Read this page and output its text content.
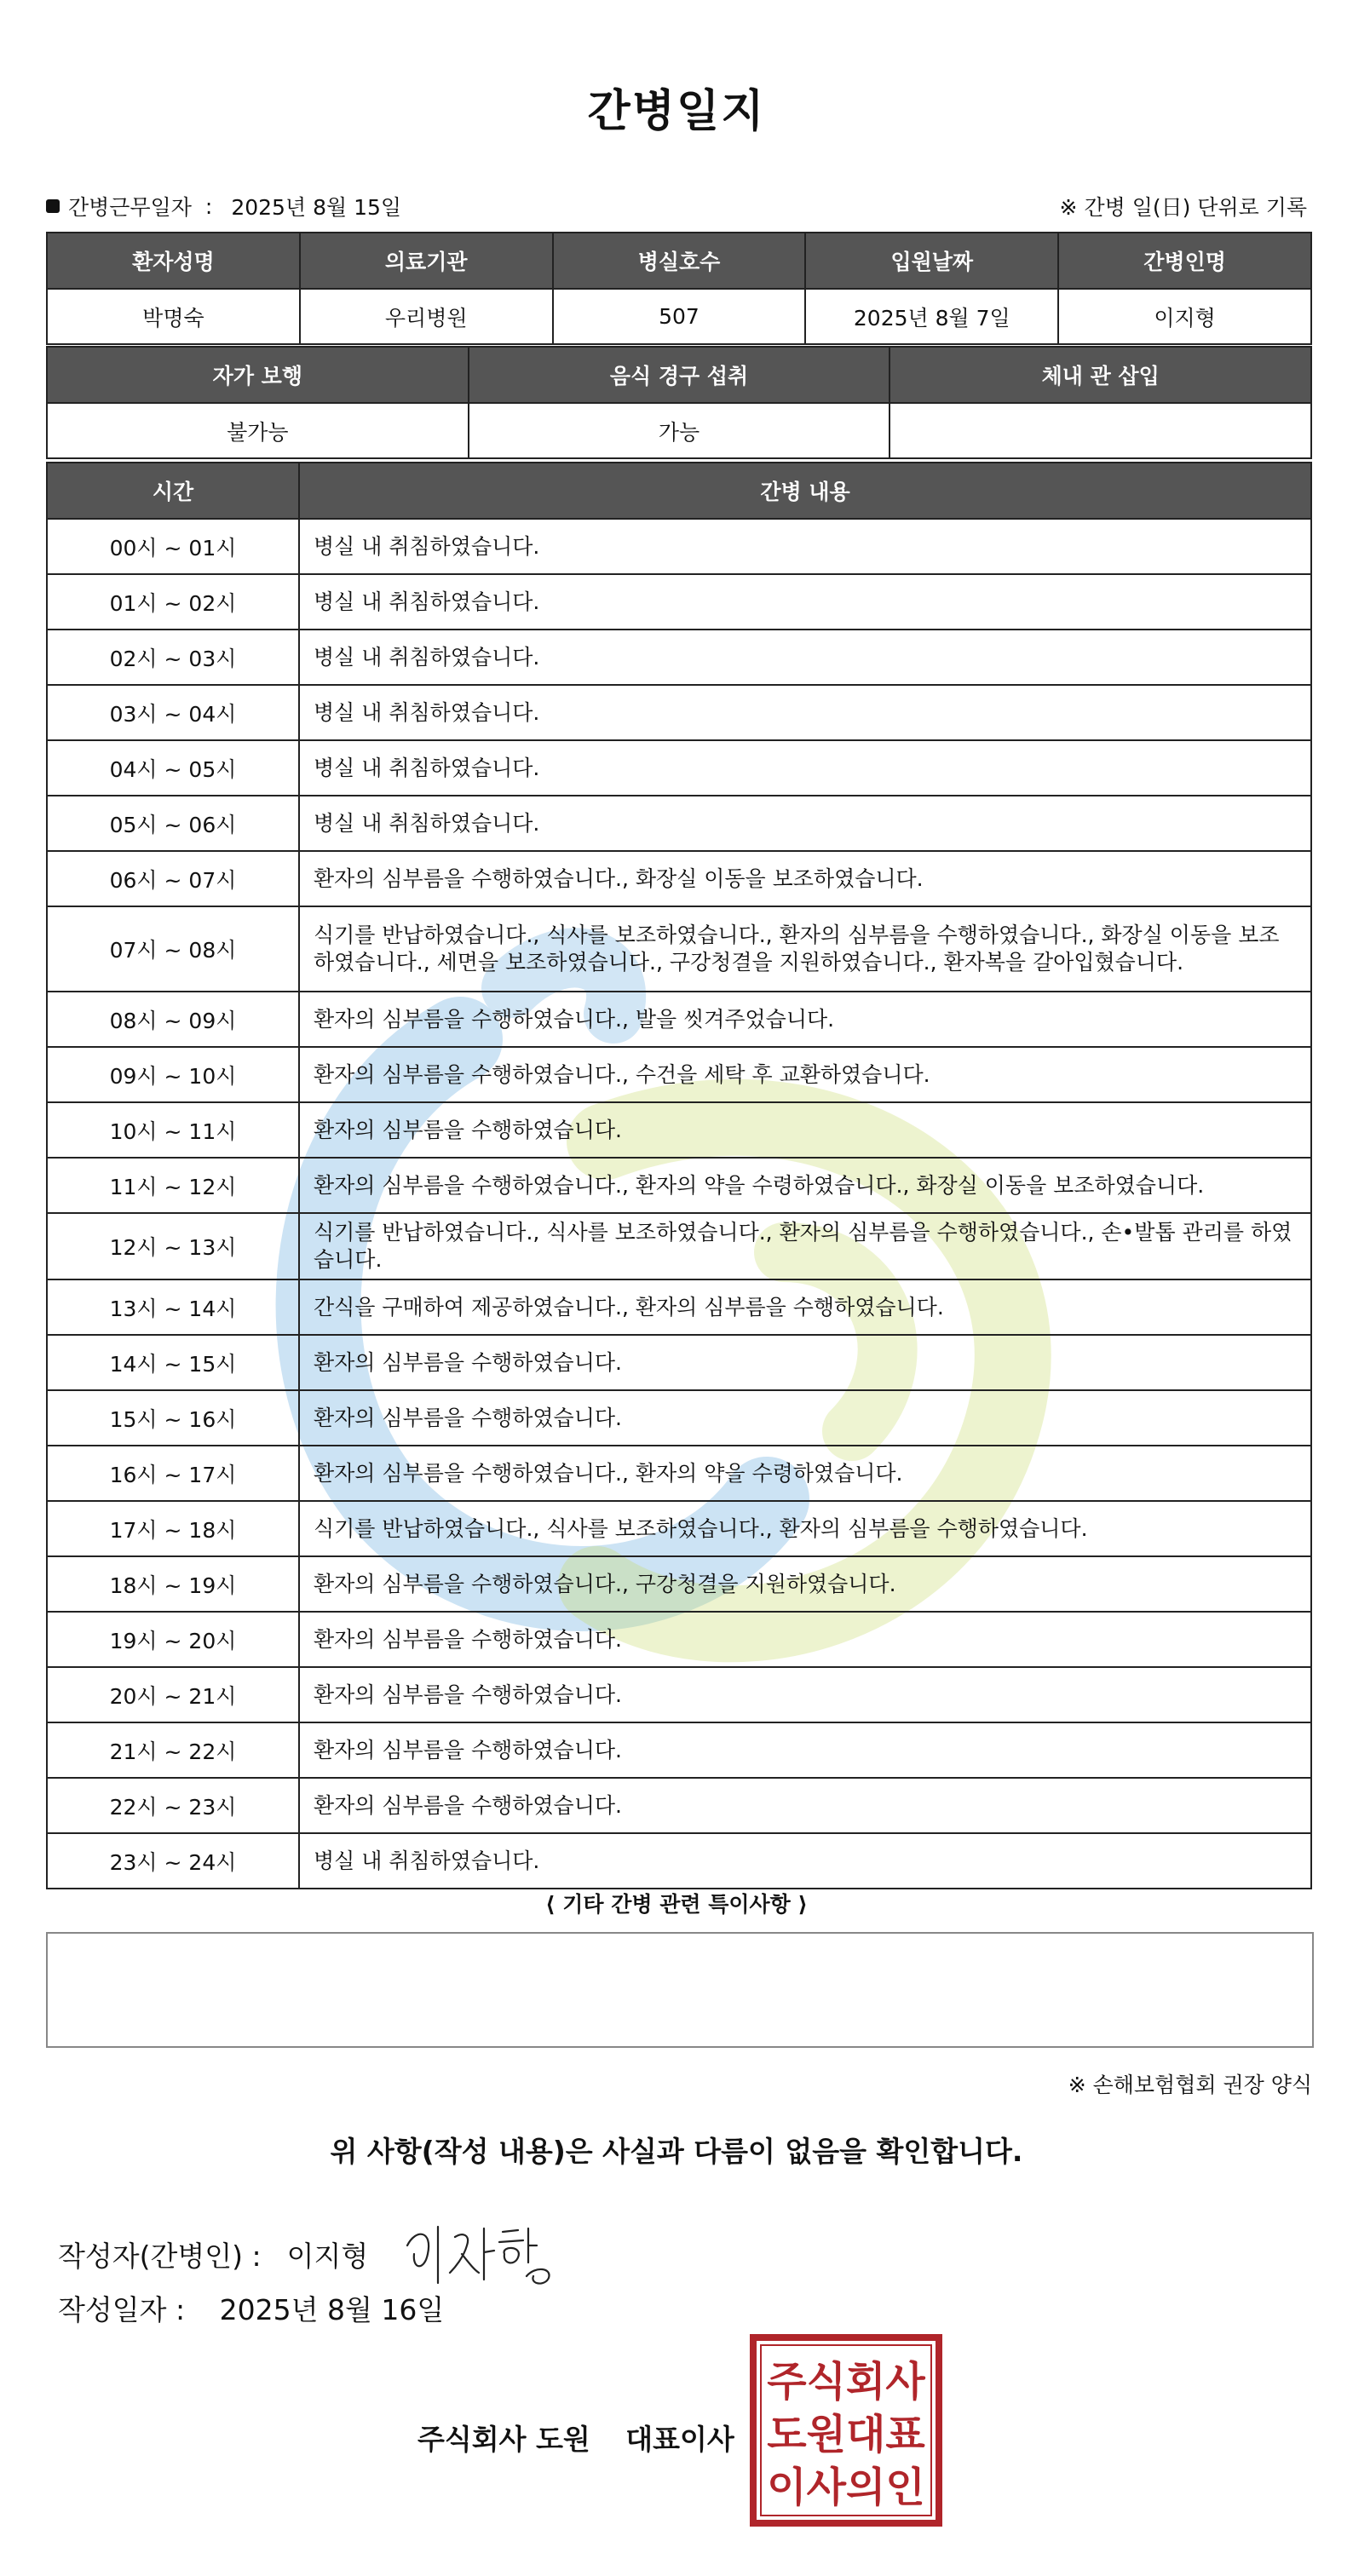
간병일지
간병근무일자 : 2025년 8월 15일	※ 간병 일(日) 단위로 기록
환자성명	의료기관	병실호수	입원날짜	간병인명
박명숙	우리병원	507	2025년 8월 7일	이지형
자가 보행	음식 경구 섭취	체내 관 삽입
불가능	가능	
시간	간병 내용
00시 ~ 01시	병실 내 취침하였습니다.
01시 ~ 02시	병실 내 취침하였습니다.
02시 ~ 03시	병실 내 취침하였습니다.
03시 ~ 04시	병실 내 취침하였습니다.
04시 ~ 05시	병실 내 취침하였습니다.
05시 ~ 06시	병실 내 취침하였습니다.
06시 ~ 07시	환자의 심부름을 수행하였습니다., 화장실 이동을 보조하였습니다.
07시 ~ 08시	식기를 반납하였습니다., 식사를 보조하였습니다., 환자의 심부름을 수행하였습니다., 화장실 이동을 보조하였습니다., 세면을 보조하였습니다., 구강청결을 지원하였습니다., 환자복을 갈아입혔습니다.
08시 ~ 09시	환자의 심부름을 수행하였습니다., 발을 씻겨주었습니다.
09시 ~ 10시	환자의 심부름을 수행하였습니다., 수건을 세탁 후 교환하였습니다.
10시 ~ 11시	환자의 심부름을 수행하였습니다.
11시 ~ 12시	환자의 심부름을 수행하였습니다., 환자의 약을 수령하였습니다., 화장실 이동을 보조하였습니다.
12시 ~ 13시	식기를 반납하였습니다., 식사를 보조하였습니다., 환자의 심부름을 수행하였습니다., 손•발톱 관리를 하였습니다.
13시 ~ 14시	간식을 구매하여 제공하였습니다., 환자의 심부름을 수행하였습니다.
14시 ~ 15시	환자의 심부름을 수행하였습니다.
15시 ~ 16시	환자의 심부름을 수행하였습니다.
16시 ~ 17시	환자의 심부름을 수행하였습니다., 환자의 약을 수령하였습니다.
17시 ~ 18시	식기를 반납하였습니다., 식사를 보조하였습니다., 환자의 심부름을 수행하였습니다.
18시 ~ 19시	환자의 심부름을 수행하였습니다., 구강청결을 지원하였습니다.
19시 ~ 20시	환자의 심부름을 수행하였습니다.
20시 ~ 21시	환자의 심부름을 수행하였습니다.
21시 ~ 22시	환자의 심부름을 수행하였습니다.
22시 ~ 23시	환자의 심부름을 수행하였습니다.
23시 ~ 24시	병실 내 취침하였습니다.
⟨ 기타 간병 관련 특이사항 ⟩
※ 손해보험협회 권장 양식
위 사항(작성 내용)은 사실과 다름이 없음을 확인합니다.
작성자(간병인) : 이지형
작성일자 : 2025년 8월 16일
주식회사 도원 대표이사
주식회사
도원대표
이사의인
